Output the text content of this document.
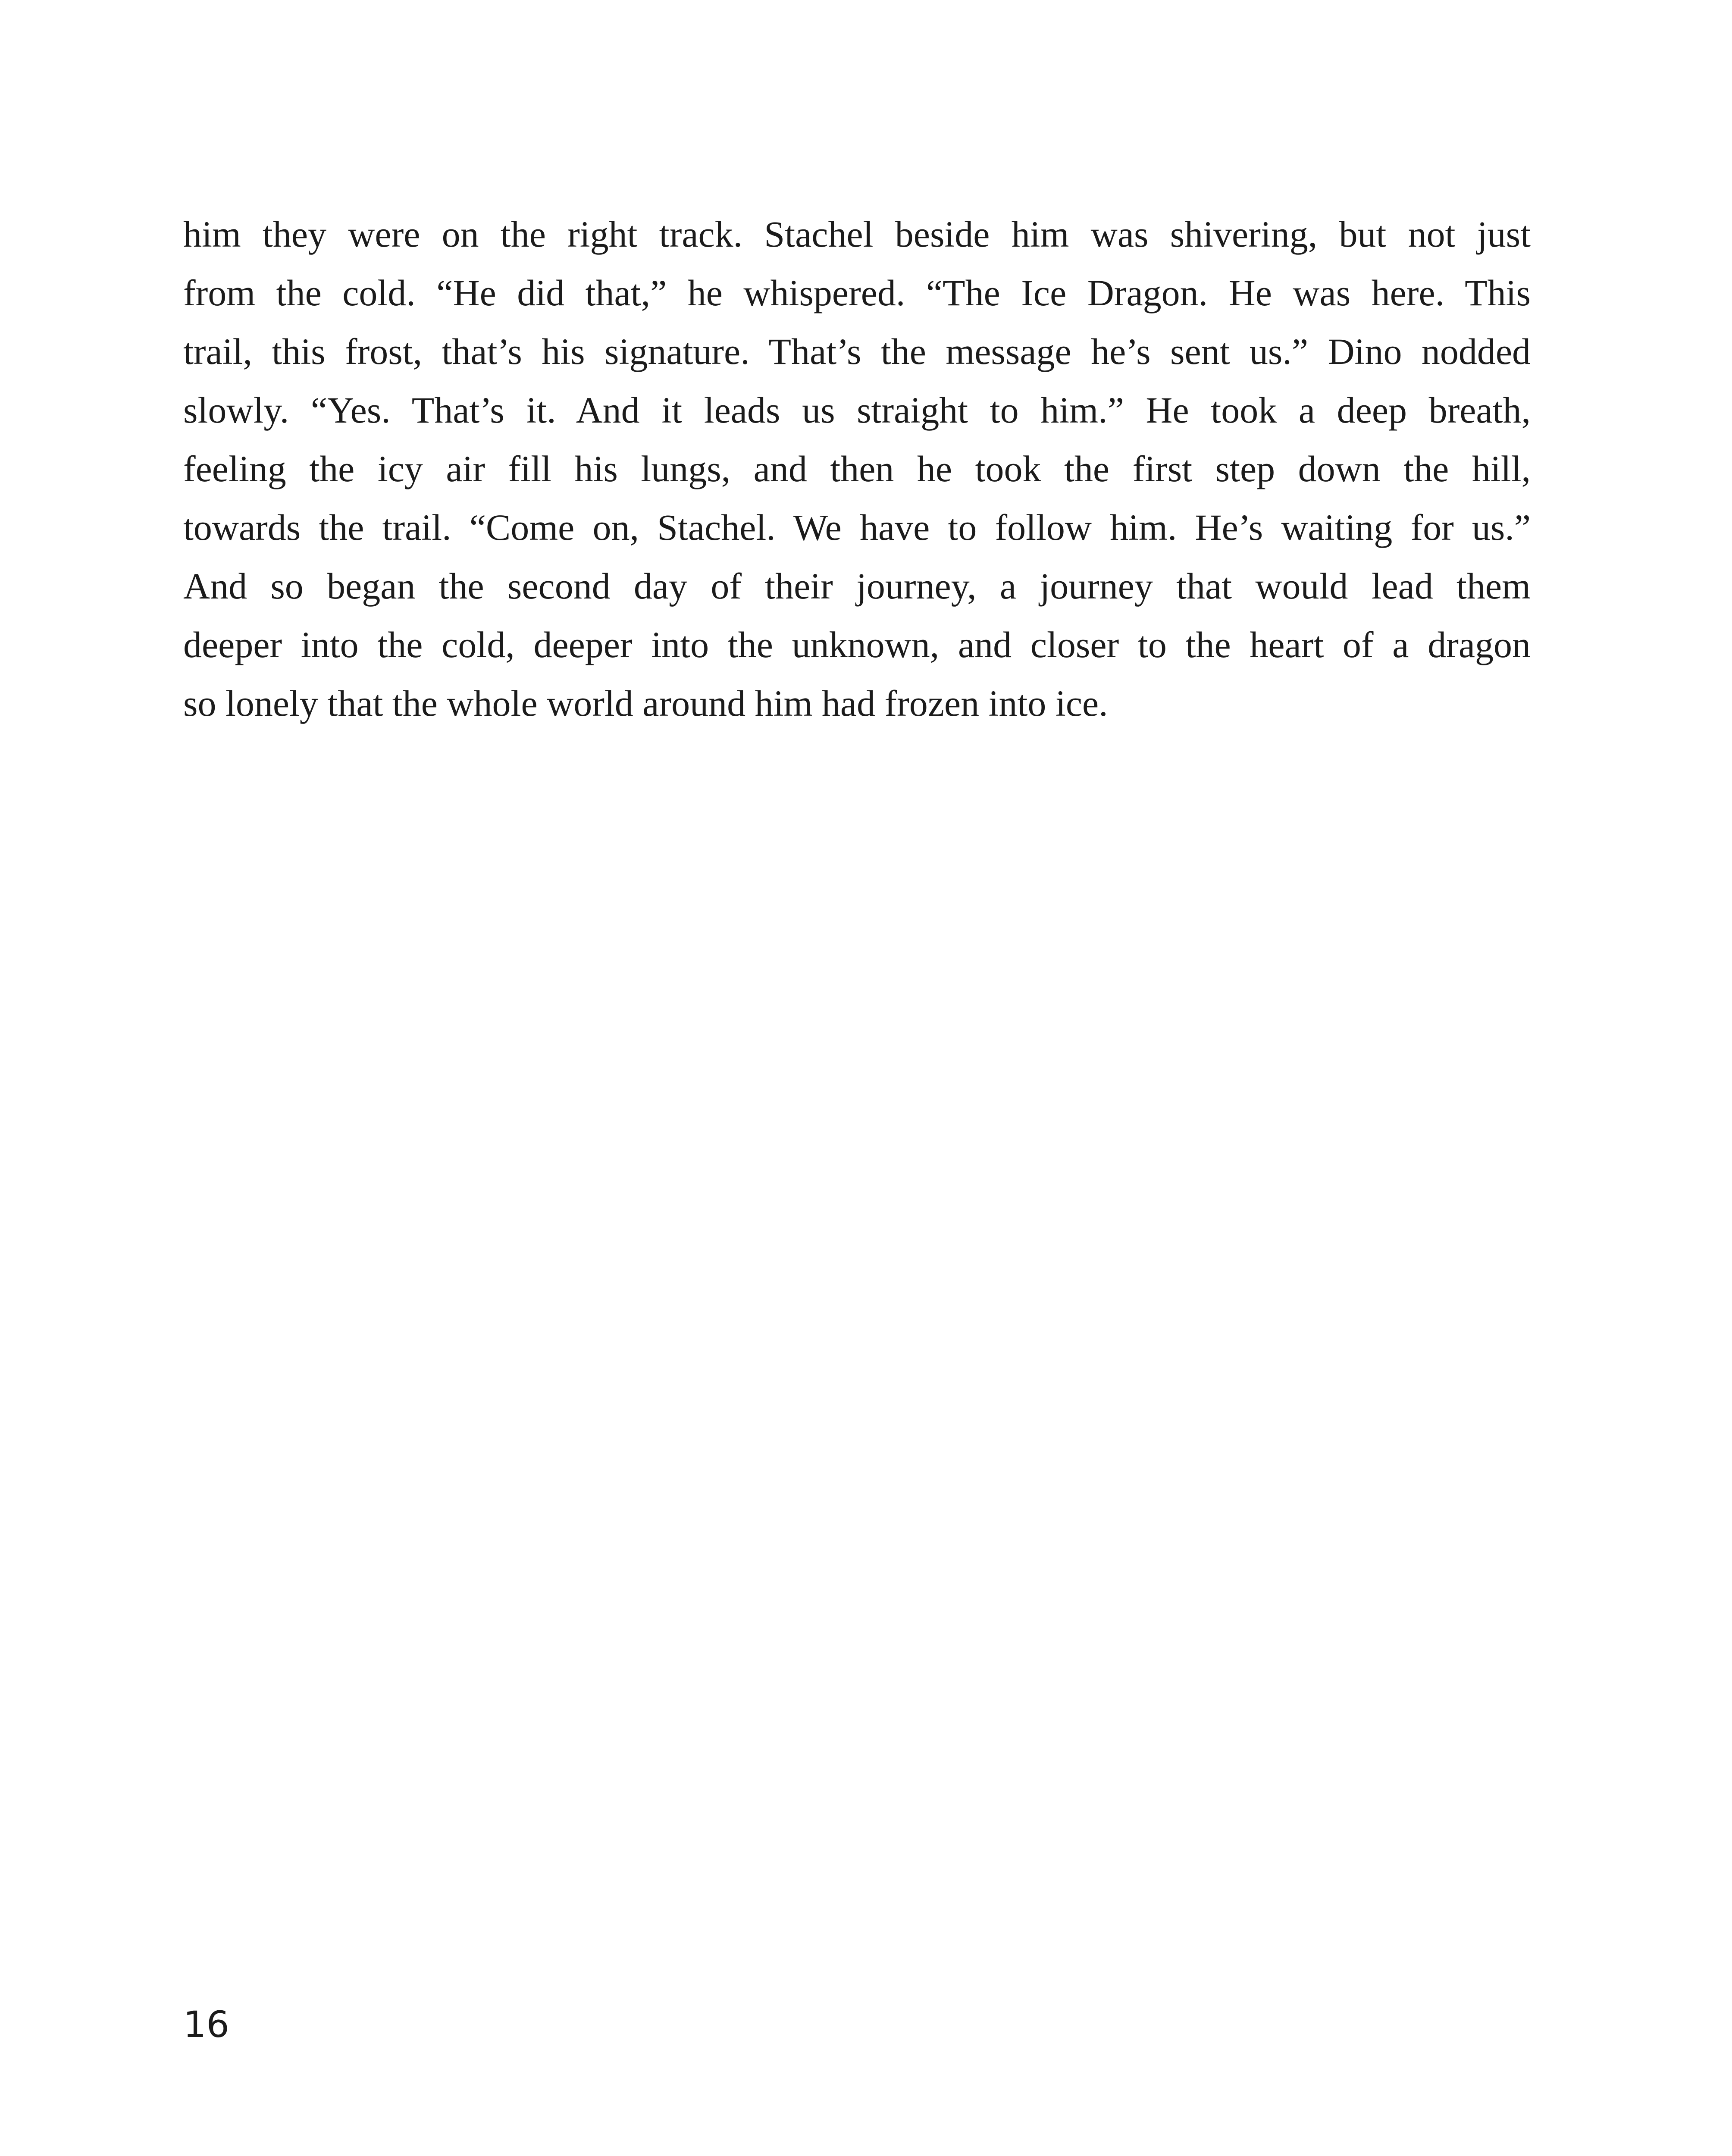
him they were on the right track. Stachel beside him was shivering, but not just
from the cold. “He did that,” he whispered. “The Ice Dragon. He was here. This
trail, this frost, that’s his signature. That’s the message he’s sent us.” Dino nodded
slowly. “Yes. That’s it. And it leads us straight to him.” He took a deep breath,
feeling the icy air fill his lungs, and then he took the first step down the hill,
towards the trail. “Come on, Stachel. We have to follow him. He’s waiting for us.”
And so began the second day of their journey, a journey that would lead them
deeper into the cold, deeper into the unknown, and closer to the heart of a dragon
so lonely that the whole world around him had frozen into ice.
16
